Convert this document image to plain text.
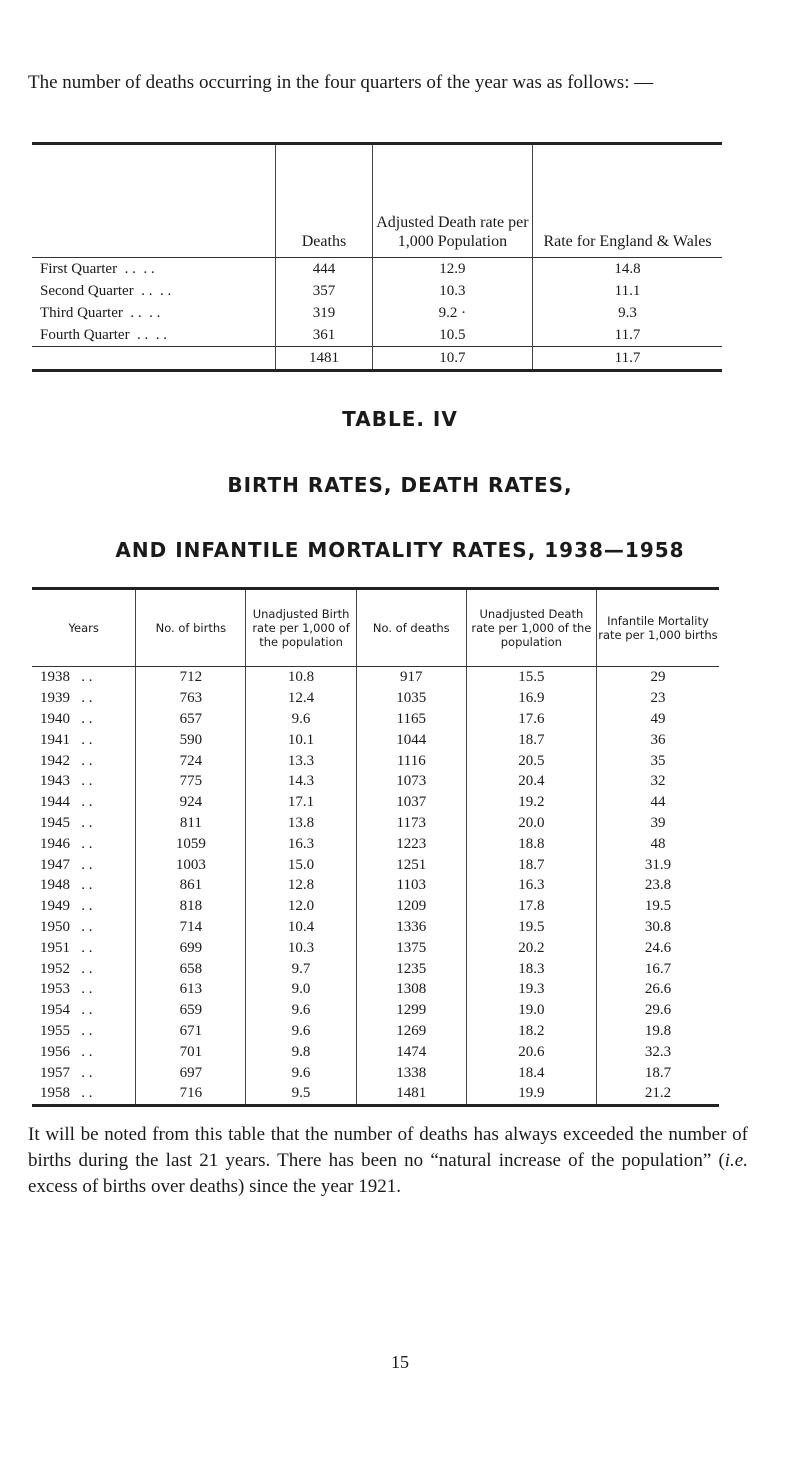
The number of deaths occurring in the four quarters of the year was as follows: —

	Deaths	Adjusted Death rate per 1,000 Population	Rate for England & Wales
First Quarter  . .  . .	444	12.9	14.8
Second Quarter  . .  . .	357	10.3	11.1
Third Quarter  . .  . .	319	9.2 ·	9.3
Fourth Quarter  . .  . .	361	10.5	11.7
	1481	10.7	11.7
TABLE. IV
BIRTH RATES, DEATH RATES,
AND INFANTILE MORTALITY RATES, 1938—1958
Years	No. of births	Unadjusted Birth rate per 1,000 of the population	No. of deaths	Unadjusted Death rate per 1,000 of the population	Infantile Mortality rate per 1,000 births
1938   . .	712	10.8	917	15.5	29
1939   . .	763	12.4	1035	16.9	23
1940   . .	657	9.6	1165	17.6	49
1941   . .	590	10.1	1044	18.7	36
1942   . .	724	13.3	1116	20.5	35
1943   . .	775	14.3	1073	20.4	32
1944   . .	924	17.1	1037	19.2	44
1945   . .	811	13.8	1173	20.0	39
1946   . .	1059	16.3	1223	18.8	48
1947   . .	1003	15.0	1251	18.7	31.9
1948   . .	861	12.8	1103	16.3	23.8
1949   . .	818	12.0	1209	17.8	19.5
1950   . .	714	10.4	1336	19.5	30.8
1951   . .	699	10.3	1375	20.2	24.6
1952   . .	658	9.7	1235	18.3	16.7
1953   . .	613	9.0	1308	19.3	26.6
1954   . .	659	9.6	1299	19.0	29.6
1955   . .	671	9.6	1269	18.2	19.8
1956   . .	701	9.8	1474	20.6	32.3
1957   . .	697	9.6	1338	18.4	18.7
1958   . .	716	9.5	1481	19.9	21.2

It will be noted from this table that the number of deaths has always exceeded the number of births during the last 21 years. There has been no “natural increase of the population” (i.e. excess of births over deaths) since the year 1921.

15
